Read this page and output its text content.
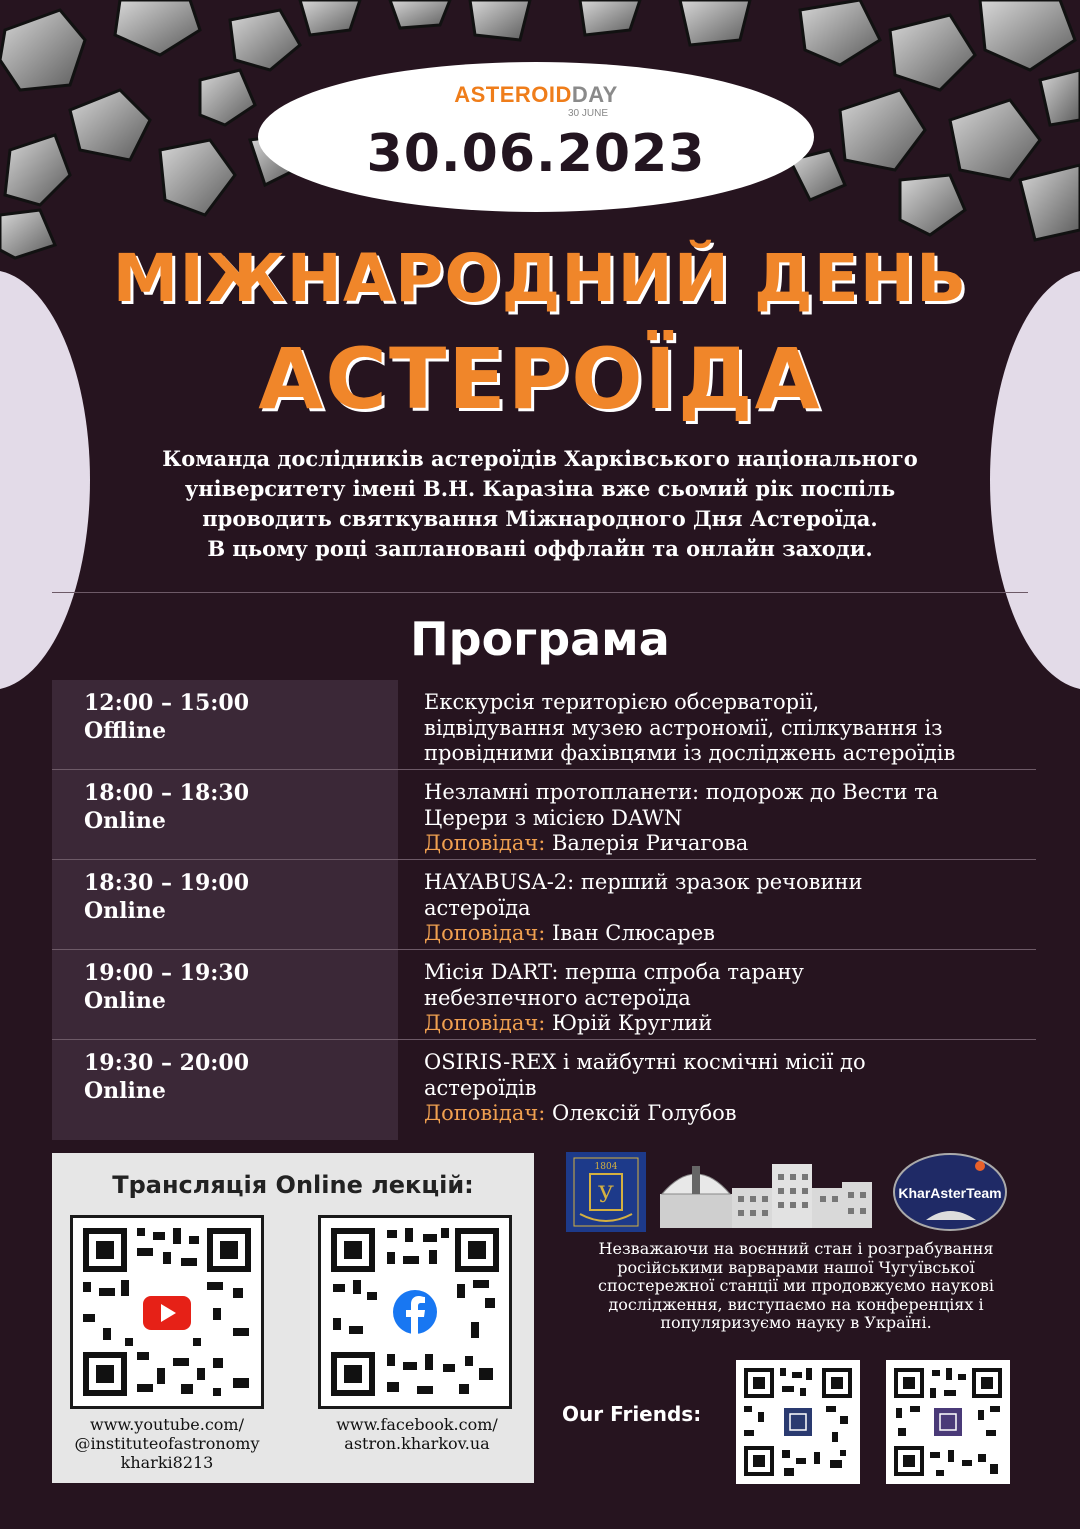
ASTEROIDDAY
30 JUNE
30.06.2023
МІЖНАРОДНИЙ ДЕНЬ
АСТЕРОЇДА
Команда дослідників астероїдів Харківського національного
університету імені В.Н. Каразіна вже сьомий рік поспіль
проводить святкування Міжнародного Дня Астероїда.
В цьому році заплановані оффлайн та онлайн заходи.
Програма
12:00 – 15:00
Offline
Екскурсія територією обсерваторії,
відвідування музею астрономії, спілкування із
провідними фахівцями із досліджень астероїдів
18:00 – 18:30
Online
Незламні протопланети: подорож до Вести та
Церери з місією DAWN
Доповідач: Валерія Ричагова
18:30 – 19:00
Online
HAYABUSA-2: перший зразок речовини
астероїда
Доповідач: Іван Слюсарев
19:00 – 19:30
Online
Місія DART: перша спроба тарану
небезпечного астероїда
Доповідач: Юрій Круглий
19:30 – 20:00
Online
OSIRIS-REX і майбутні космічні місії до
астероїдів
Доповідач: Олексій Голубов
Трансляція Online лекцій:
www.youtube.com/
@instituteofastronomy
kharki8213
www.facebook.com/
astron.kharkov.ua
1804
У	KharAsterTeam
Незважаючи на воєнний стан і розграбування
російськими варварами нашої Чугуївської
спостережної станції ми продовжуємо наукові
дослідження, виступаємо на конференціях і
популяризуємо науку в Україні.
Our Friends:
